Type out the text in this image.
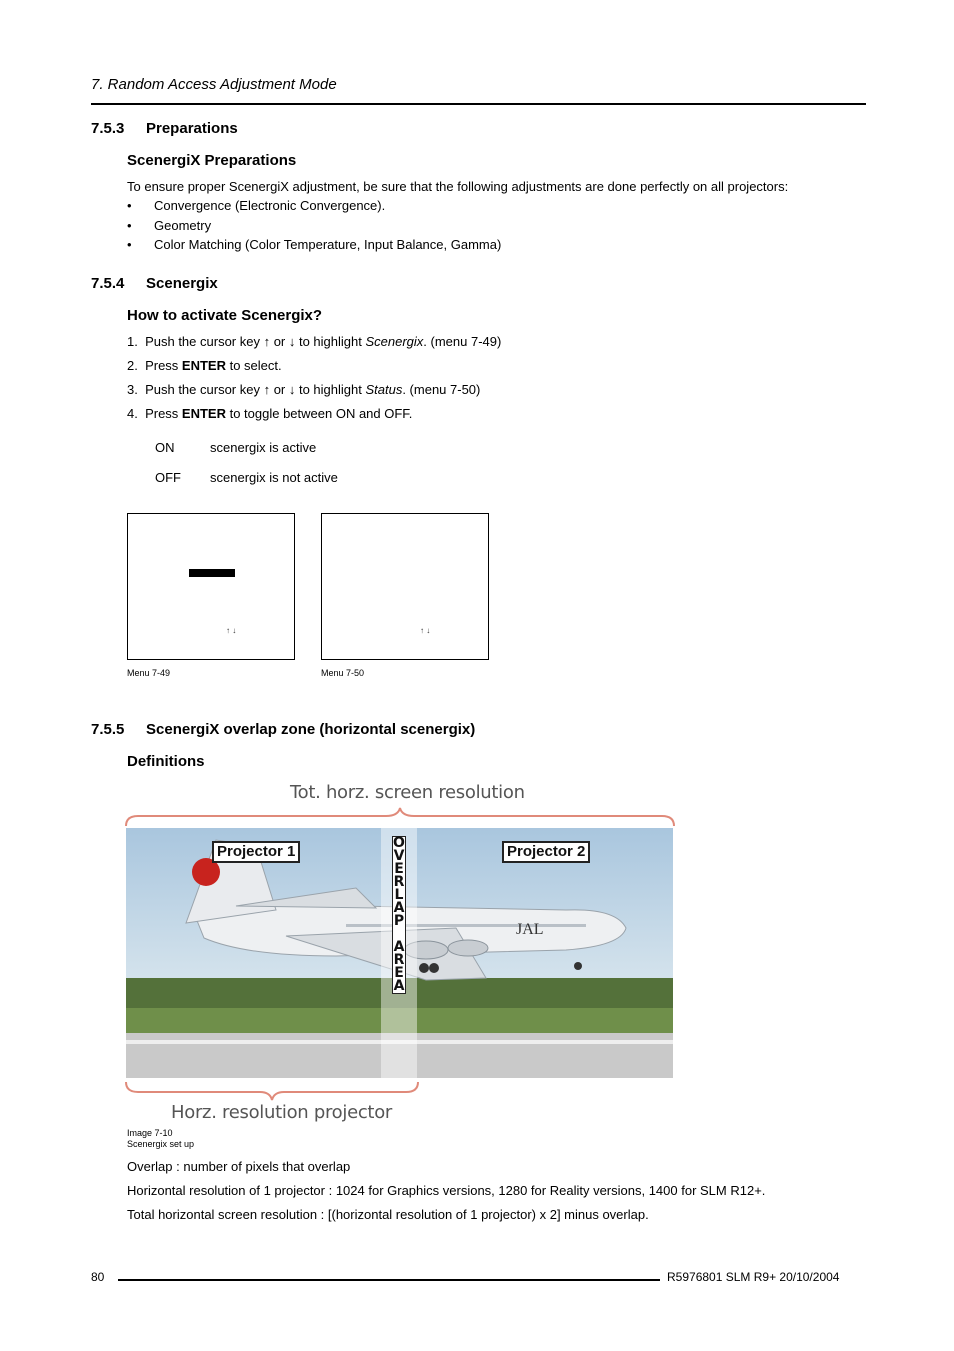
7. Random Access Adjustment Mode
7.5.3 Preparations
ScenergiX Preparations
To ensure proper ScenergiX adjustment, be sure that the following adjustments are done perfectly on all projectors:
• Convergence (Electronic Convergence).
• Geometry
• Color Matching (Color Temperature, Input Balance, Gamma)
7.5.4 Scenergix
How to activate Scenergix?
1. Push the cursor key ↑ or ↓ to highlight Scenergix. (menu 7-49)
2. Press ENTER to select.
3. Push the cursor key ↑ or ↓ to highlight Status. (menu 7-50)
4. Press ENTER to toggle between ON and OFF.
ON	scenergix is active
OFF scenergix is not active
↑ ↓
Menu 7-49
↑ ↓
Menu 7-50
7.5.5 ScenergiX overlap zone (horizontal scenergix)
Definitions
Tot. horz. screen resolution
JAL
Projector 1	Projector 2
O
V
E
R
L
A
P
A
R
E
A
Horz. resolution projector
Image 7-10
Scenergix set up
Overlap : number of pixels that overlap
Horizontal resolution of 1 projector : 1024 for Graphics versions, 1280 for Reality versions, 1400 for SLM R12+.
Total horizontal screen resolution : [(horizontal resolution of 1 projector) x 2] minus overlap.
80	R5976801 SLM R9+ 20/10/2004
